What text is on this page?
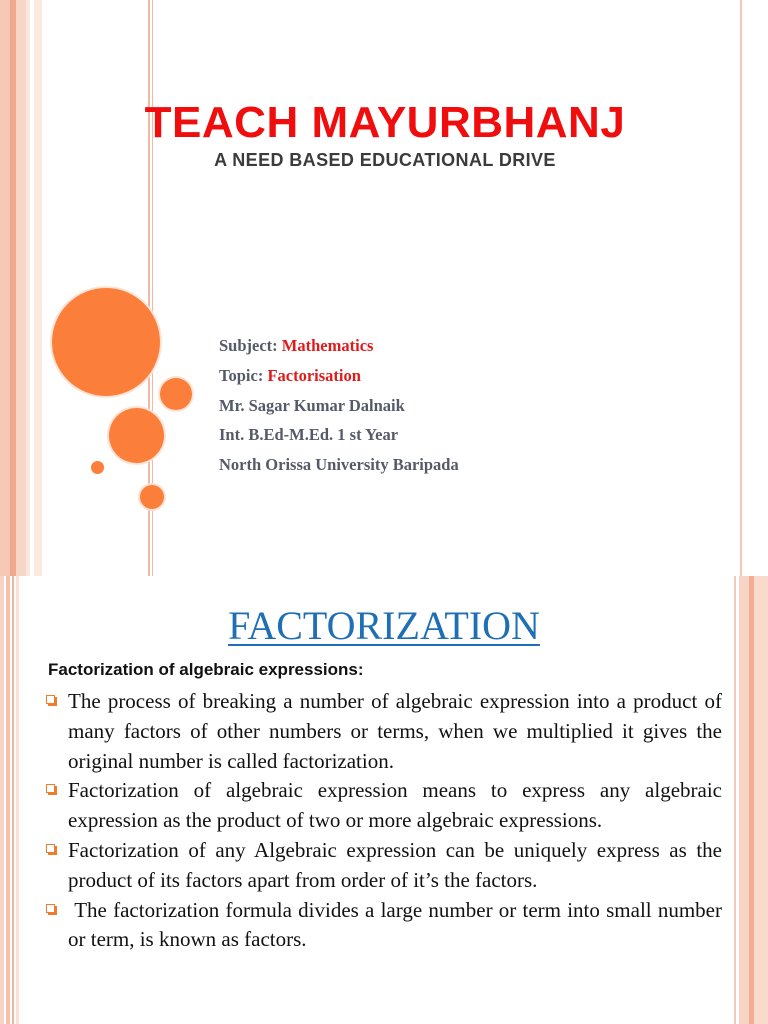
TEACH MAYURBHANJ
A NEED BASED EDUCATIONAL DRIVE
Subject: Mathematics
Topic: Factorisation
Mr. Sagar Kumar Dalnaik
Int. B.Ed-M.Ed. 1 st Year
North Orissa University Baripada
FACTORIZATION
Factorization of algebraic expressions:
The process of breaking a number of algebraic expression into a product of many factors of other numbers or terms, when we multiplied it gives the original number is called factorization.
Factorization of algebraic expression means to express any algebraic expression as the product of two or more algebraic expressions.
Factorization of any Algebraic expression can be uniquely express as the product of its factors apart from order of it’s the factors.
The factorization formula divides a large number or term into small number or term, is known as factors.
